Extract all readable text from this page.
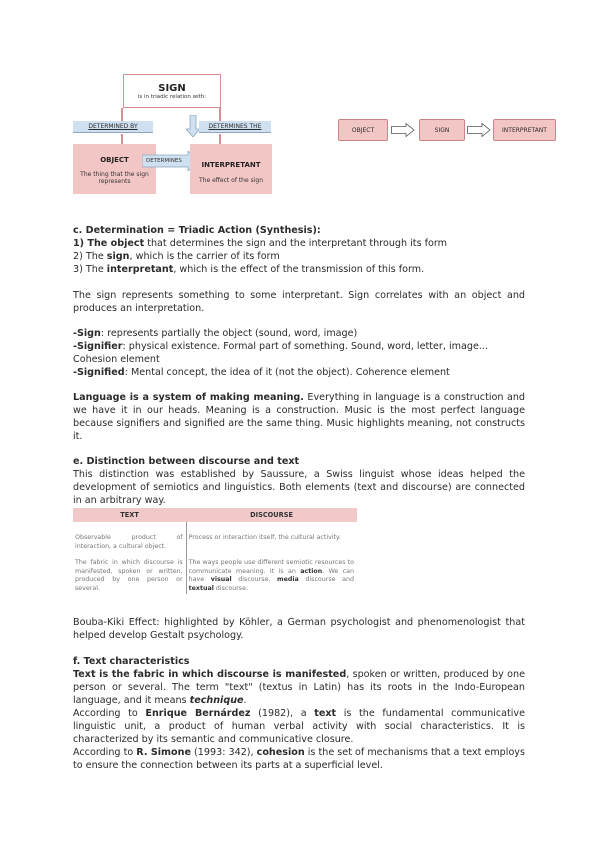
SIGN
is in triadic relation with:
DETERMINED BY	DETERMINES THE
OBJECT
The thing that the sign represents
DETERMINES	INTERPRETANT
The effect of the sign
OBJECT	SIGN	INTERPRETANT

c. Determination = Triadic Action (Synthesis):

1) The object that determines the sign and the interpretant through its form

2) The sign, which is the carrier of its form

3) The interpretant, which is the effect of the transmission of this form.

The sign represents something to some interpretant. Sign correlates with an object and produces an interpretation.

-Sign: represents partially the object (sound, word, image)

-Signifier: physical existence. Formal part of something. Sound, word, letter, image... Cohesion element

-Signified: Mental concept, the idea of it (not the object). Coherence element

Language is a system of making meaning. Everything in language is a construction and we have it in our heads. Meaning is a construction. Music is the most perfect language because signifiers and signified are the same thing. Music highlights meaning, not constructs it.

e. Distinction between discourse and text

This distinction was established by Saussure, a Swiss linguist whose ideas helped the development of semiotics and linguistics. Both elements (text and discourse) are connected in an arbitrary way.

TEXT	DISCOURSE

Observable product of interaction, a cultural object.	Process or interaction itself, the cultural activity.

The fabric in which discourse is manifested, spoken or written, produced by one person or several.	The ways people use different semiotic resources to communicate meaning. It is an action. We can have visual discourse, media discourse and textual discourse.

Bouba-Kiki Effect: highlighted by Köhler, a German psychologist and phenomenologist that helped develop Gestalt psychology.

f. Text characteristics

Text is the fabric in which discourse is manifested, spoken or written, produced by one person or several. The term "text" (textus in Latin) has its roots in the Indo-European language, and it means technique.

According to Enrique Bernárdez (1982), a text is the fundamental communicative linguistic unit, a product of human verbal activity with social characteristics. It is characterized by its semantic and communicative closure.

According to R. Simone (1993: 342), cohesion is the set of mechanisms that a text employs to ensure the connection between its parts at a superficial level.
